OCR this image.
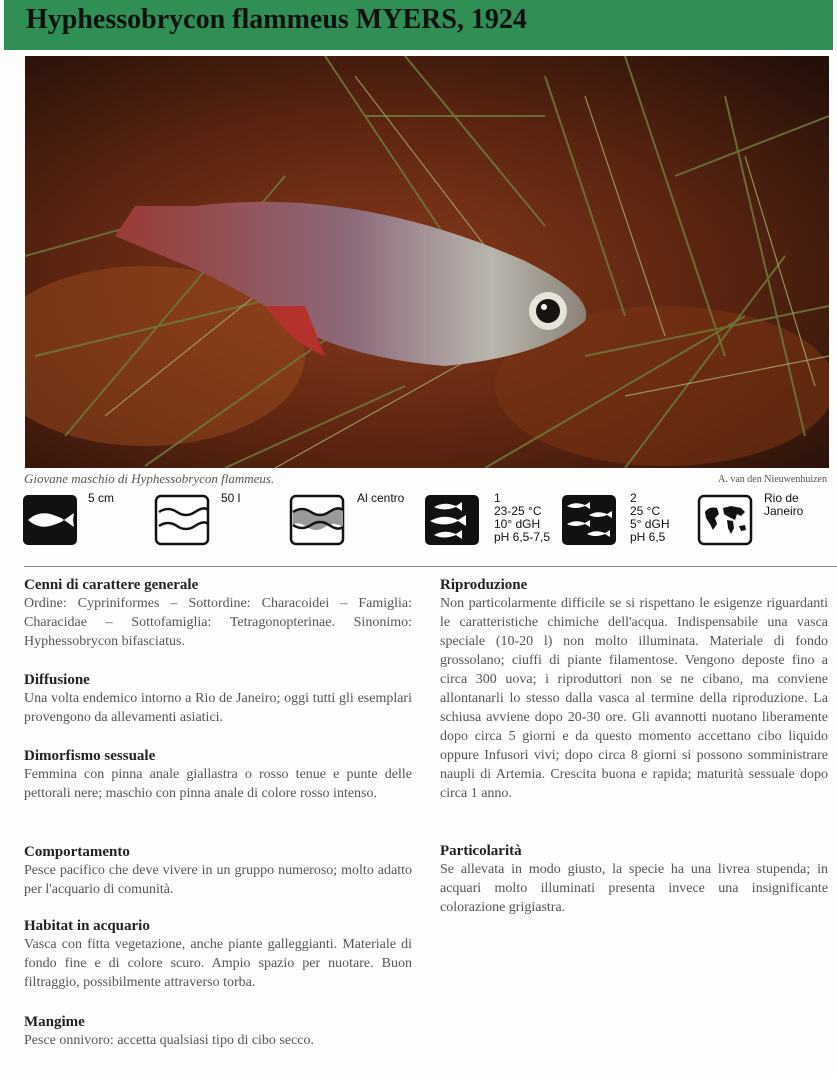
Hyphessobrycon flammeus MYERS, 1924
Giovane maschio di Hyphessobrycon flammeus.	A. van den Nieuwenhuizen
5 cm	50 l	Al centro	1
23-25 °C
10° dGH
pH 6,5-7,5
2
25 °C
5° dGH
pH 6,5
Rio de Janeiro
Cenni di carattere generale

Ordine: Cypriniformes – Sottordine: Characoidei – Famiglia: Characidae – Sottofamiglia: Tetragonopterinae. Sinonimo: Hyphessobrycon bifasciatus.

Diffusione

Una volta endemico intorno a Rio de Janeiro; oggi tutti gli esemplari provengono da allevamenti asiatici.

Dimorfismo sessuale

Femmina con pinna anale giallastra o rosso tenue e punte delle pettorali nere; maschio con pinna anale di colore rosso intenso.

Comportamento

Pesce pacifico che deve vivere in un gruppo numeroso; molto adatto per l'acquario di comunità.

Habitat in acquario

Vasca con fitta vegetazione, anche piante galleggianti. Materiale di fondo fine e di colore scuro. Ampio spazio per nuotare. Buon filtraggio, possibilmente attraverso torba.

Mangime

Pesce onnivoro: accetta qualsiasi tipo di cibo secco.

Riproduzione

Non particolarmente difficile se si rispettano le esigenze riguardanti le caratteristiche chimiche dell'acqua. Indispensabile una vasca speciale (10-20 l) non molto illuminata. Materiale di fondo grossolano; ciuffi di piante filamentose. Vengono deposte fino a circa 300 uova; i riproduttori non se ne cibano, ma conviene allontanarli lo stesso dalla vasca al termine della riproduzione. La schiusa avviene dopo 20-30 ore. Gli avannotti nuotano liberamente dopo circa 5 giorni e da questo momento accettano cibo liquido oppure Infusori vivi; dopo circa 8 giorni si possono somministrare naupli di Artemia. Crescita buona e rapida; maturità sessuale dopo circa 1 anno.

Particolarità

Se allevata in modo giusto, la specie ha una livrea stupenda; in acquari molto illuminati presenta invece una insignificante colorazione grigiastra.
